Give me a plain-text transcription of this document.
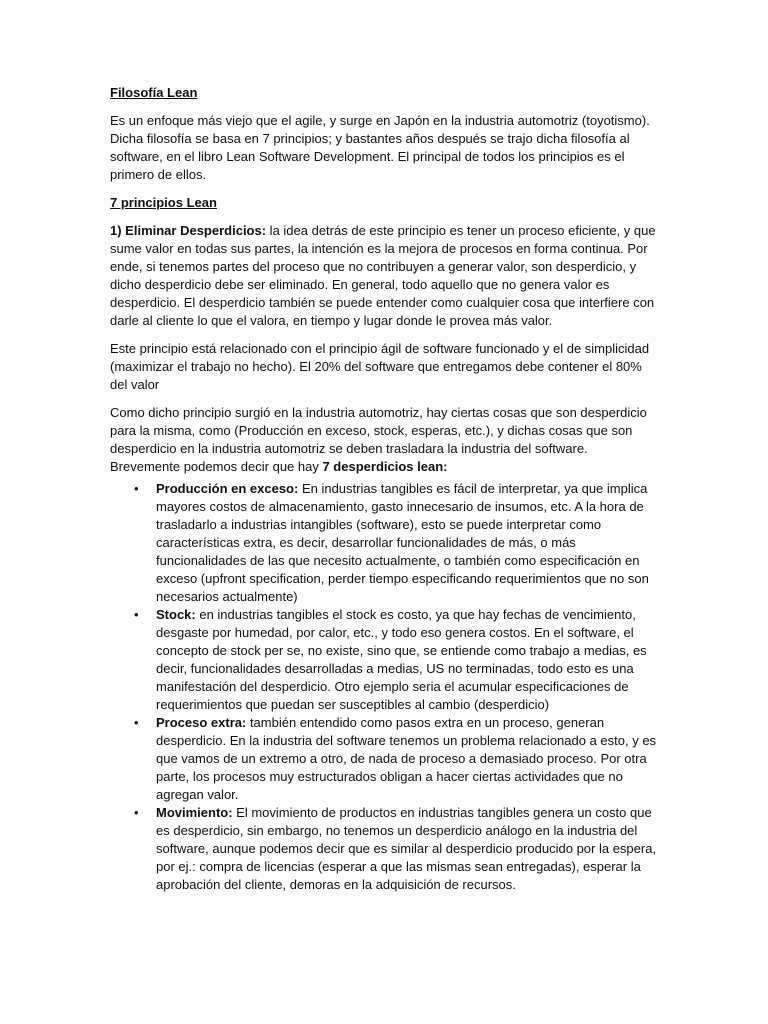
Filosofía Lean

Es un enfoque más viejo que el agile, y surge en Japón en la industria automotriz (toyotismo). Dicha filosofía se basa en 7 principios; y bastantes años después se trajo dicha filosofía al software, en el libro Lean Software Development. El principal de todos los principios es el primero de ellos.

7 principios Lean

1) Eliminar Desperdicios: la idea detrás de este principio es tener un proceso eficiente, y que sume valor en todas sus partes, la intención es la mejora de procesos en forma continua. Por ende, si tenemos partes del proceso que no contribuyen a generar valor, son desperdicio, y dicho desperdicio debe ser eliminado. En general, todo aquello que no genera valor es desperdicio. El desperdicio también se puede entender como cualquier cosa que interfiere con darle al cliente lo que el valora, en tiempo y lugar donde le provea más valor.

Este principio está relacionado con el principio ágil de software funcionado y el de simplicidad (maximizar el trabajo no hecho). El 20% del software que entregamos debe contener el 80% del valor

Como dicho principio surgió en la industria automotriz, hay ciertas cosas que son desperdicio para la misma, como (Producción en exceso, stock, esperas, etc.), y dichas cosas que son desperdicio en la industria automotriz se deben trasladara la industria del software. Brevemente podemos decir que hay 7 desperdicios lean:

• Producción en exceso: En industrias tangibles es fácil de interpretar, ya que implica mayores costos de almacenamiento, gasto innecesario de insumos, etc. A la hora de trasladarlo a industrias intangibles (software), esto se puede interpretar como características extra, es decir, desarrollar funcionalidades de más, o más funcionalidades de las que necesito actualmente, o también como especificación en exceso (upfront specification, perder tiempo especificando requerimientos que no son necesarios actualmente)
• Stock: en industrias tangibles el stock es costo, ya que hay fechas de vencimiento, desgaste por humedad, por calor, etc., y todo eso genera costos. En el software, el concepto de stock per se, no existe, sino que, se entiende como trabajo a medias, es decir, funcionalidades desarrolladas a medias, US no terminadas, todo esto es una manifestación del desperdicio. Otro ejemplo seria el acumular especificaciones de requerimientos que puedan ser susceptibles al cambio (desperdicio)
• Proceso extra: también entendido como pasos extra en un proceso, generan desperdicio. En la industria del software tenemos un problema relacionado a esto, y es que vamos de un extremo a otro, de nada de proceso a demasiado proceso. Por otra parte, los procesos muy estructurados obligan a hacer ciertas actividades que no agregan valor.
• Movimiento: El movimiento de productos en industrias tangibles genera un costo que es desperdicio, sin embargo, no tenemos un desperdicio análogo en la industria del software, aunque podemos decir que es similar al desperdicio producido por la espera, por ej.: compra de licencias (esperar a que las mismas sean entregadas), esperar la aprobación del cliente, demoras en la adquisición de recursos.
